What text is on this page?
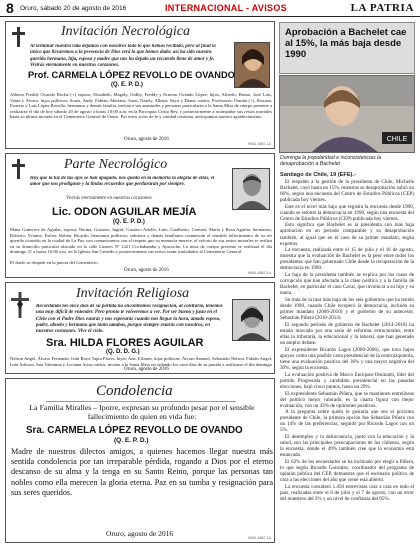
8 Oruro, sábado 20 de agosto de 2016	INTERNACIONAL - AVISOS	LA PATRIA
Invitación Necrológica
Al terminar nuestra vida dejamos con nosotros todo lo que hemos recibido, pero al final lo único que llevaremos a la presencia de Dios será lo que hemos dado; así ha sido nuestra querida hermana, hija, esposa y madre que nos ha dejado un recuerdo lleno de amor y fe. Vivirás eternamente en nuestros corazones.
Prof. CARMELA LÓPEZ REVOLLO DE OVANDO
(Q. E. P. D.)
Alberto Freddy Ovando Rocha (+) esposo; Elizabeth, Magaly, Ordhy, Freddy y Ernesto Ovando López, hijos; Alfredo, Bruno, José Luis, Vania y Alvaro, hijos políticos; Sonia, Andy, Fabian, Mariana, Sarai, Naiely, Alhara, Sayri y Diana, nietos; Profesores; Osmán (+), Roxana, Ernesto y Luis López Revollo, hermanos y demás familia, invitan a sus amistades y personas particulares a la Santa Misa de cuerpo presente a realizarse el día de hoy sábado 20 de agosto a horas 10:00 a.m. en la Parroquia Cristo Rey, y posteriormente a acompañar sus restos mortales hasta su última morada en el Cementerio General de Oruro. Por estos actos de fe y caridad cristiana, anticipamos nuestro agradecimiento.
Oruro, agosto de 2016
HB61-6867-1A
Parte Necrológico
Hoy que la luz de tus ojos se han apagado, nos queda en la memoria la alegría de ellos, el amor que nos prodigaste y la lindas recuerdos que perdurarán por siempre.
Vivirás eternamente en nuestros corazones.
Lic. ODON AGUILAR MEJÍA
(Q. E. P. D.)
Mana Gutierrez de Aguilar, esposa; Nerina, Gustavo, Ingrid, Gustavo Adolfo, Lino, Gualberto, Carmen, María y Rosa Aguilar, hermanos; Roberto, Yvonne, Esther, Rubén, Ricardo, hermanos políticos; sobrinos y demás familiares comunican el sensible fallecimiento de su ser querido ocurrido en la ciudad de La Paz, nos comunicamos con el respeto que su memoria merece, el velorio de sus restos mortales se realiza en su domicilio particular ubicado en la calle Linares Nº 1221 Cochabamba y Ayacucho. La misa de cuerpo presente se realizará el día domingo 21 a horas 10:00 a.m. en la Iglesia San Gerardo y posteriormente sus restos serán trasladados al Cementerio General.
El duelo se despide en la puerta del Cementerio.
Oruro, agosto de 2016	HB61-6867-1A
Invitación Religiosa
Recordando los once días de su partida no encontramos resignación, al contrario, tenemos una muy difícil de entender. Pero pronto te volveremos a ver. Por ser bueno y justo en el Cielo con el Padre Dios estarás y nos esperarás cuando nos llegue la hora, amado esposo, padre, abuelo y hermano que tanto amabas, porque siempre estarás con nosotros, en nuestros corazones. Vive el cielo.
Sra. HILDA FLORES AGUILAR
(Q. D. D. G.)
Nelson Angel, Álvaro Fernando, Iván Boris Tapia Flores, hijos; Ana, Erlanes, hijas políticas; Álvaro Samuel, Sebastián Nelson, Fabián Angel, Iván Arleson, Ana Valentina y Luciana Arisa, nietos, invitan a la Santa Misa recordando los once días de su partida a realizarse el día domingo
Oruro, agosto de 2016
Condolencia
La Familia Miralles – Iporre, expresan su profundo pesar por el sensible fallecimiento de quien en vida fue:
Sra. CARMELA LÓPEZ REVOLLO DE OVANDO
(Q. E. P. D.)
Madre de nuestros dilectos amigos, a quienes hacemos llegar nuestra más sentida condolencia por tan irreparable pérdida, rogando a Dios por el eterno descanso de su alma y la tenga en su Santo Reino, porque las personas tan nobles como ella merecen la gloria eterna. Paz en su tumba y resignación para sus seres queridos.
Oruro, agosto de 2016	HB61-6867-1A
Aprobación a Bachelet cae al 15%, la más baja desde 1990
CHILE
Dominga la popularidad e inconsistencias la desaprobación a Bachelet

Santiago de Chile, 19 (EFE).-

El respaldo a la gestión de la presidenta de Chile, Michelle Bachelet, cayó hasta un 15%, mientras su desaprobación subió un 66%, según una encuesta del Centro de Estudios Públicos (CEP) publicada hoy viernes.

Este es el nivel más bajo que registra la encuesta desde 1990, cuando se retomó la democracia en 1990, según una encuesta del Centro de Estudios Públicos (CEP) publicada hoy viernes.

Esto significa que Bachelet es la presidenta con más baja aprobación en un periodo comparable y su desaprobación también, al igual que en el caso de su primer mandato, según expertos.

La encuesta, realizada entre el 15 de julio y el 16 de agosto, muestra que la evaluación de Bachelet es la peor entre todos los presidentes que han gobernado Chile desde la recuperación de la democracia en 1990.

La baja de la presidenta también se explica por los casos de corrupción que han afectado a la clase política y a la familia de Bachelet, en particular el caso Caval, que involucra a su hijo y su nuera.

Se trata de la tasa más baja de los seis gobiernos que ha tenido desde 1990, cuando Chile recuperó la democracia, incluido su primer mandato (2006-2010) y el gobierno de su antecesor, Sebastián Piñera (2010-2014).

El segundo periodo de gobierno de Bachelet (2014-2018) ha estado marcado por una serie de reformas estructurales, entre ellas la tributaria, la educacional y la laboral, que han generado un amplio debate.

El expresidente Ricardo Lagos (2000-2006), que tuvo bajos apoyos como una posible carta presidencial de la centroizquierda, tiene una evaluación positiva del 36% y una mayor negativa del 30%, según la encuesta.

La evaluación positiva de Marco Enríquez-Ominami, líder del partido Progresista y candidato presidencial en las pasadas elecciones, bajó cinco puntos, hasta un 29%.

El expresidente Sebastián Piñera, que se mantienen entrelíneas del político mejor valorado, es la cuarta figura con mejor evaluación, con un 43% de opiniones positivas.

A la pregunta sobre quién le gustaría que sea el próximo presidente de Chile, la primera opción fue Sebastián Piñera con un 14% de las preferencias, seguido por Ricardo Lagos con un 5%.

El desempleo y la delincuencia, junto con la educación y la salud, son las principales preocupaciones de los chilenos, según la encuesta, donde el 49% también cree que la economía está estancada.

El 62% de los encuestados se ha inclinado por elegir a Piñera, lo que según Ricardo Gonzalez, coordinador del programa de opinión pública del CEP, demuestra que el escenario político de cara a las elecciones del año que viene está abierto.

La encuesta consideró 1.450 entrevistas cara a cara en todo el país, realizadas entre el 8 de julio y el 7 de agosto, con un error del muestreo del 3% y un nivel de confianza del 95%.
